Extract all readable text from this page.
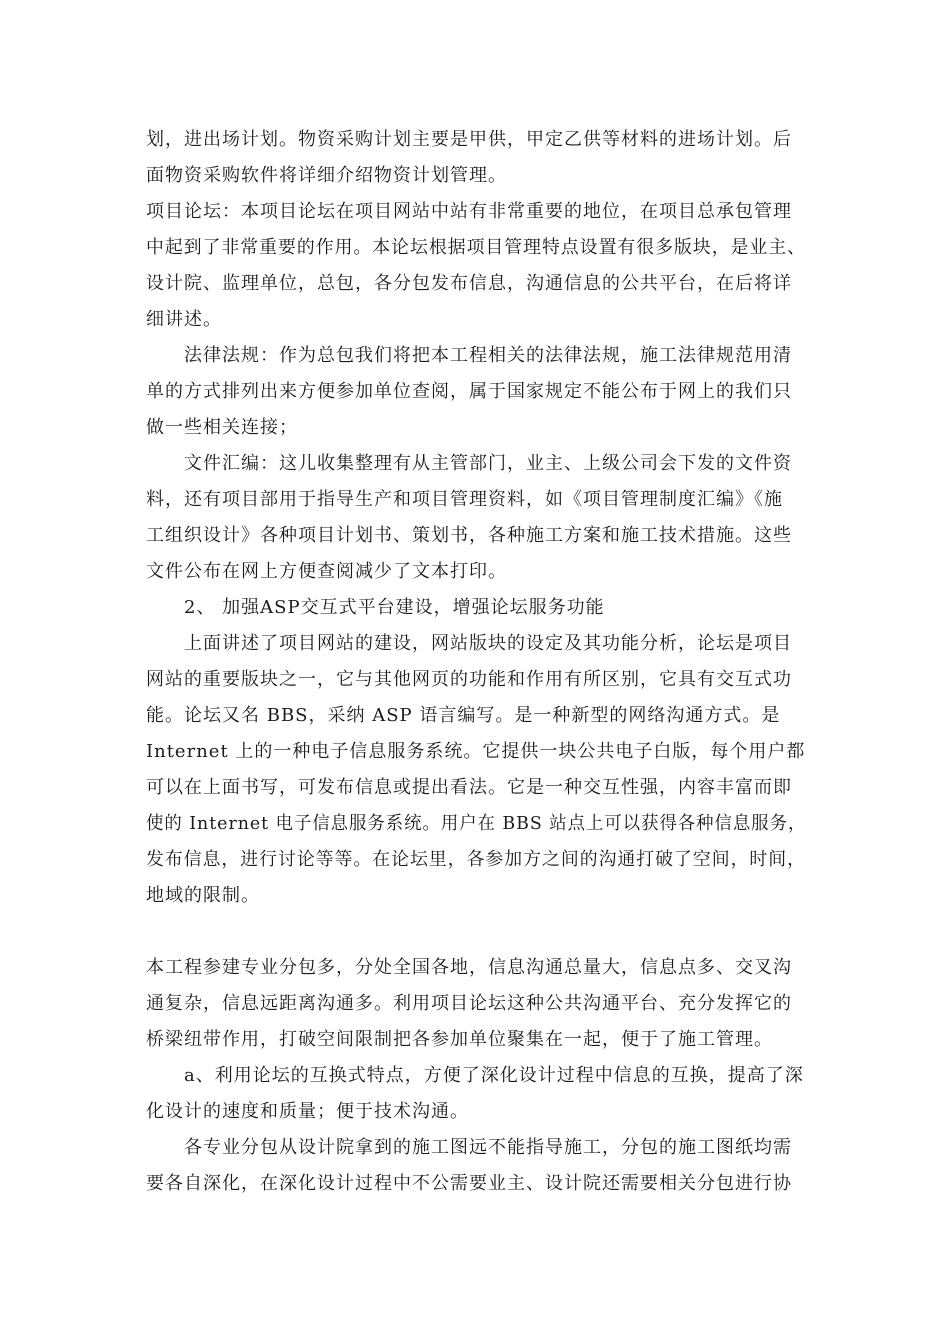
划，进出场计划。物资采购计划主要是甲供，甲定乙供等材料的进场计划。后
面物资采购软件将详细介绍物资计划管理。
项目论坛：本项目论坛在项目网站中站有非常重要的地位，在项目总承包管理
中起到了非常重要的作用。本论坛根据项目管理特点设置有很多版块，是业主、
设计院、监理单位，总包，各分包发布信息，沟通信息的公共平台，在后将详
细讲述。
法律法规：作为总包我们将把本工程相关的法律法规，施工法律规范用清
单的方式排列出来方便参加单位查阅，属于国家规定不能公布于网上的我们只
做一些相关连接；
文件汇编：这儿收集整理有从主管部门，业主、上级公司会下发的文件资
料，还有项目部用于指导生产和项目管理资料，如《项目管理制度汇编》《施
工组织设计》各种项目计划书、策划书，各种施工方案和施工技术措施。这些
文件公布在网上方便查阅减少了文本打印。
2、 加强ASP交互式平台建设，增强论坛服务功能
上面讲述了项目网站的建设，网站版块的设定及其功能分析，论坛是项目
网站的重要版块之一，它与其他网页的功能和作用有所区别，它具有交互式功
能。论坛又名 BBS，采纳 ASP 语言编写。是一种新型的网络沟通方式。是
Internet 上的一种电子信息服务系统。它提供一块公共电子白版，每个用户都
可以在上面书写，可发布信息或提出看法。它是一种交互性强，内容丰富而即
使的 Internet 电子信息服务系统。用户在 BBS 站点上可以获得各种信息服务，
发布信息，进行讨论等等。在论坛里，各参加方之间的沟通打破了空间，时间，
地域的限制。
本工程参建专业分包多，分处全国各地，信息沟通总量大，信息点多、交叉沟
通复杂，信息远距离沟通多。利用项目论坛这种公共沟通平台、充分发挥它的
桥梁纽带作用，打破空间限制把各参加单位聚集在一起，便于了施工管理。
a、利用论坛的互换式特点，方便了深化设计过程中信息的互换，提高了深
化设计的速度和质量；便于技术沟通。
各专业分包从设计院拿到的施工图远不能指导施工，分包的施工图纸均需
要各自深化，在深化设计过程中不公需要业主、设计院还需要相关分包进行协
